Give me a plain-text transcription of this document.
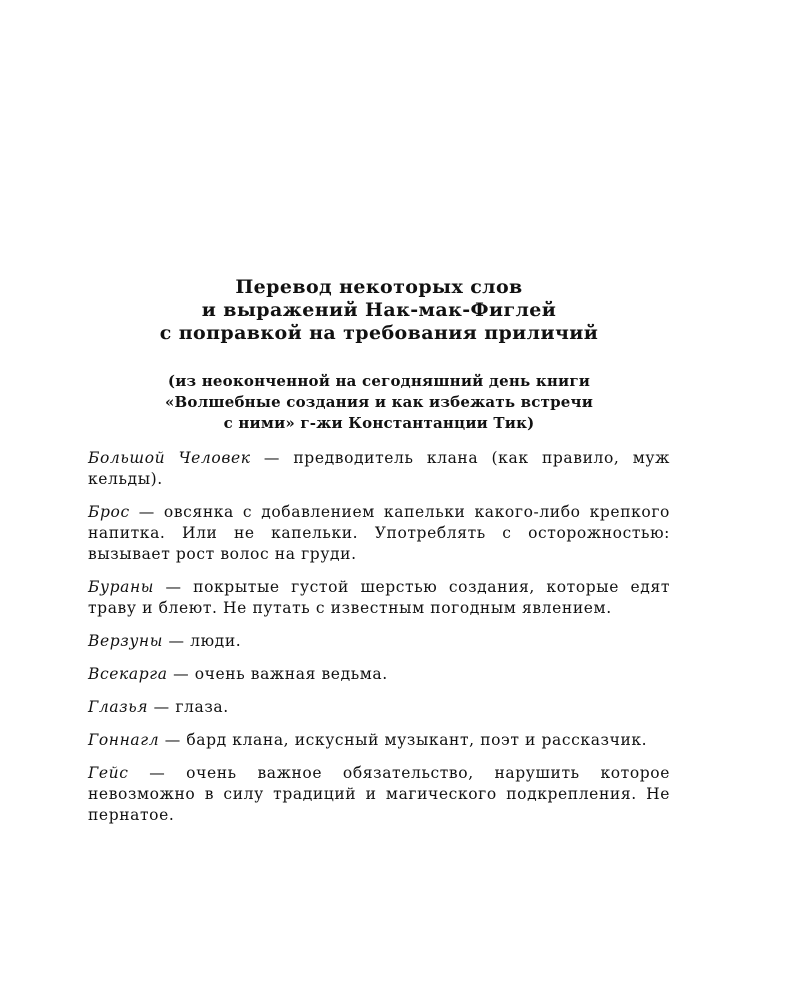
Перевод некоторых слов
и выражений Нак-мак-Фиглей
с поправкой на требования приличий

(из неоконченной на сегодняшний день книги
«Волшебные создания и как избежать встречи
с ними» г-жи Константанции Тик)

Большой Человек — предводитель клана (как правило, муж кельды).

Брос — овсянка с добавлением капельки какого-либо крепкого напитка. Или не капельки. Употреблять с осторожностью: вызывает рост волос на груди.

Бураны — покрытые густой шерстью создания, которые едят траву и блеют. Не путать с известным погодным явлением.

Верзуны — люди.

Всекарга — очень важная ведьма.

Глазья — глаза.

Гоннагл — бард клана, искусный музыкант, поэт и рассказчик.

Гейс — очень важное обязательство, нарушить которое невозможно в силу традиций и магического подкрепления. Не пернатое.
